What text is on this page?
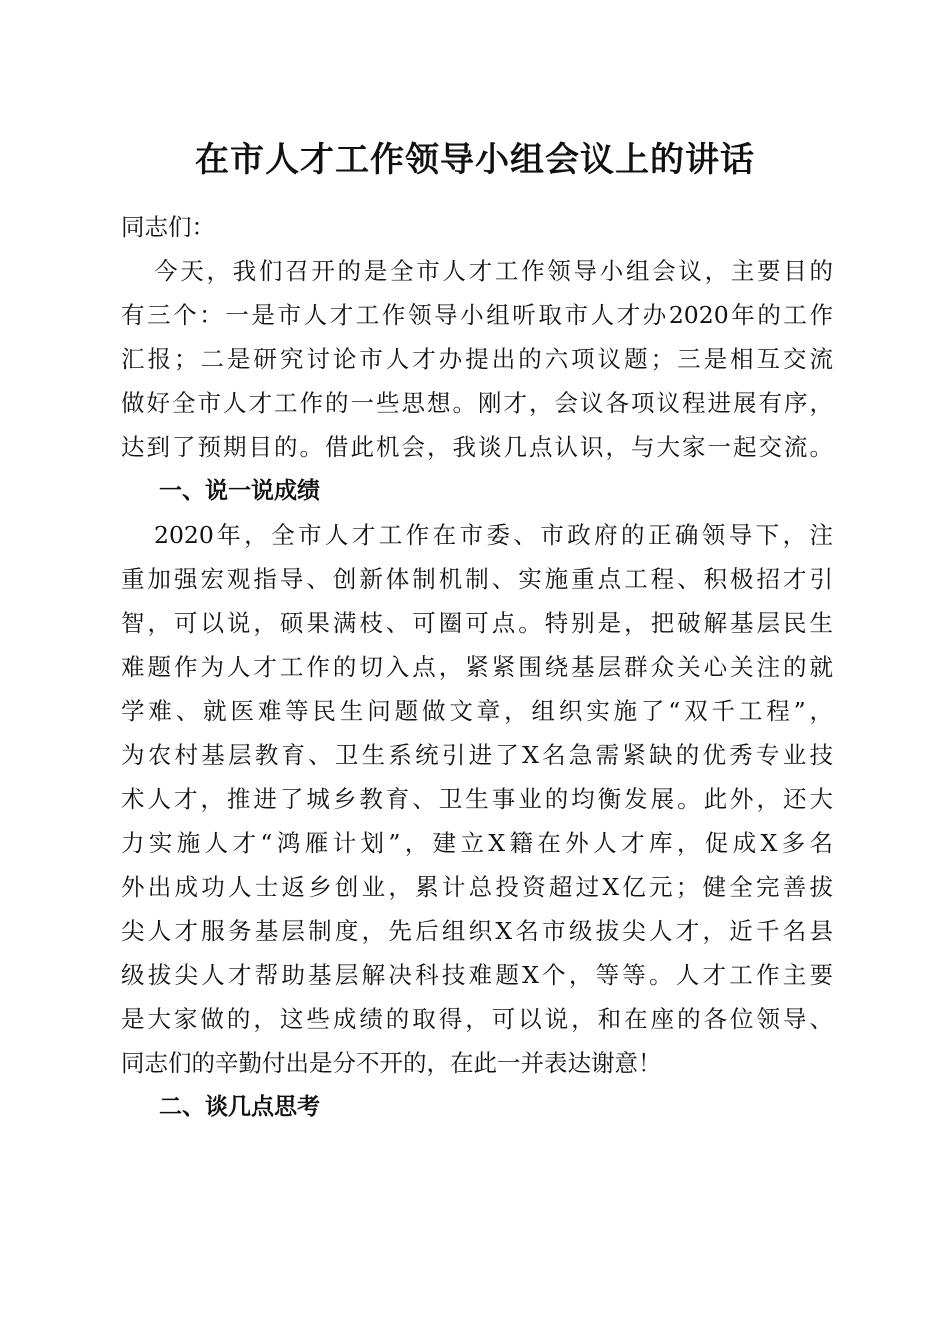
在市人才工作领导小组会议上的讲话
同志们：
今天，我们召开的是全市人才工作领导小组会议，主要目的
有三个：一是市人才工作领导小组听取市人才办2020年的工作
汇报；二是研究讨论市人才办提出的六项议题；三是相互交流
做好全市人才工作的一些思想。刚才，会议各项议程进展有序，
达到了预期目的。借此机会，我谈几点认识，与大家一起交流。
一、说一说成绩
2020年，全市人才工作在市委、市政府的正确领导下，注
重加强宏观指导、创新体制机制、实施重点工程、积极招才引
智，可以说，硕果满枝、可圈可点。特别是，把破解基层民生
难题作为人才工作的切入点，紧紧围绕基层群众关心关注的就
学难、就医难等民生问题做文章，组织实施了“双千工程”，
为农村基层教育、卫生系统引进了X名急需紧缺的优秀专业技
术人才，推进了城乡教育、卫生事业的均衡发展。此外，还大
力实施人才“鸿雁计划”，建立X籍在外人才库，促成X多名
外出成功人士返乡创业，累计总投资超过X亿元；健全完善拔
尖人才服务基层制度，先后组织X名市级拔尖人才，近千名县
级拔尖人才帮助基层解决科技难题X个，等等。人才工作主要
是大家做的，这些成绩的取得，可以说，和在座的各位领导、
同志们的辛勤付出是分不开的，在此一并表达谢意！
二、谈几点思考
